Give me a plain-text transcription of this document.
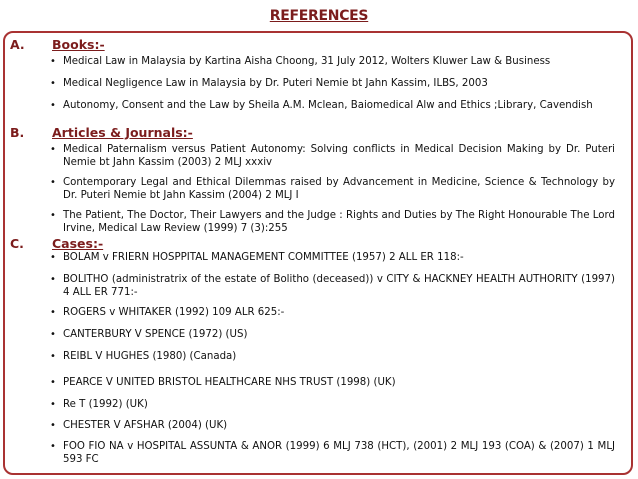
REFERENCES
A. Books:-
• Medical Law in Malaysia by Kartina Aisha Choong, 31 July 2012, Wolters Kluwer Law & Business
• Medical Negligence Law in Malaysia by Dr. Puteri Nemie bt Jahn Kassim, ILBS, 2003
• Autonomy, Consent and the Law by Sheila A.M. Mclean, Baiomedical Alw and Ethics ;Library, Cavendish
B. Articles & Journals:-
• Medical Paternalism versus Patient Autonomy: Solving conflicts in Medical Decision Making by Dr. Puteri Nemie bt Jahn Kassim (2003) 2 MLJ xxxiv
• Contemporary Legal and Ethical Dilemmas raised by Advancement in Medicine, Science & Technology by Dr. Puteri Nemie bt Jahn Kassim (2004) 2 MLJ I
• The Patient, The Doctor, Their Lawyers and the Judge : Rights and Duties by The Right Honourable The Lord Irvine, Medical Law Review (1999) 7 (3):255
C. Cases:-
• BOLAM v FRIERN HOSPPITAL MANAGEMENT COMMITTEE (1957) 2 ALL ER 118:-
• BOLITHO (administratrix of the estate of Bolitho (deceased)) v CITY & HACKNEY HEALTH AUTHORITY (1997) 4 ALL ER 771:-
• ROGERS v WHITAKER (1992) 109 ALR 625:-
• CANTERBURY V SPENCE (1972) (US)
• REIBL V HUGHES (1980) (Canada)
• PEARCE V UNITED BRISTOL HEALTHCARE NHS TRUST (1998) (UK)
• Re T (1992) (UK)
• CHESTER V AFSHAR (2004) (UK)
• FOO FIO NA v HOSPITAL ASSUNTA & ANOR (1999) 6 MLJ 738 (HCT), (2001) 2 MLJ 193 (COA) & (2007) 1 MLJ 593 FC
